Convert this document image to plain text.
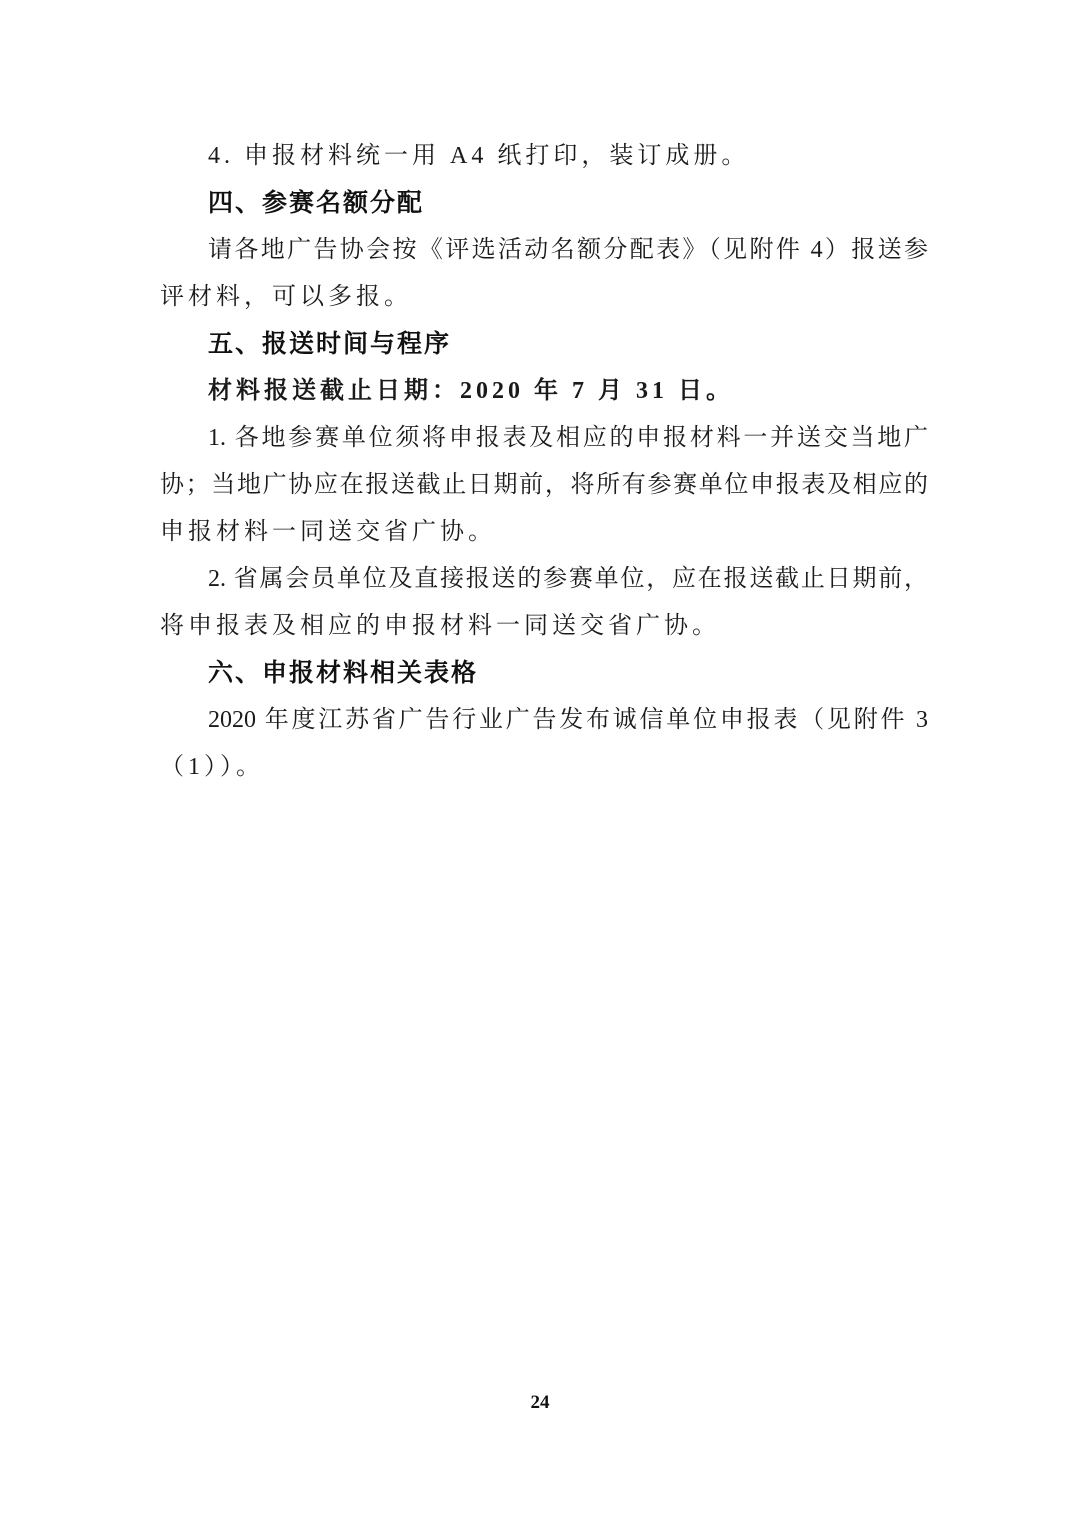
4. 申报材料统一用 A4 纸打印，装订成册。
四、参赛名额分配
请各地广告协会按《评选活动名额分配表》（见附件 4）报送参
评材料，可以多报。
五、报送时间与程序
材料报送截止日期：2020 年 7 月 31 日。
1. 各地参赛单位须将申报表及相应的申报材料一并送交当地广
协；当地广协应在报送截止日期前，将所有参赛单位申报表及相应的
申报材料一同送交省广协。
2. 省属会员单位及直接报送的参赛单位，应在报送截止日期前，
将申报表及相应的申报材料一同送交省广协。
六、申报材料相关表格
2020 年度江苏省广告行业广告发布诚信单位申报表（见附件 3
（1））。
24
